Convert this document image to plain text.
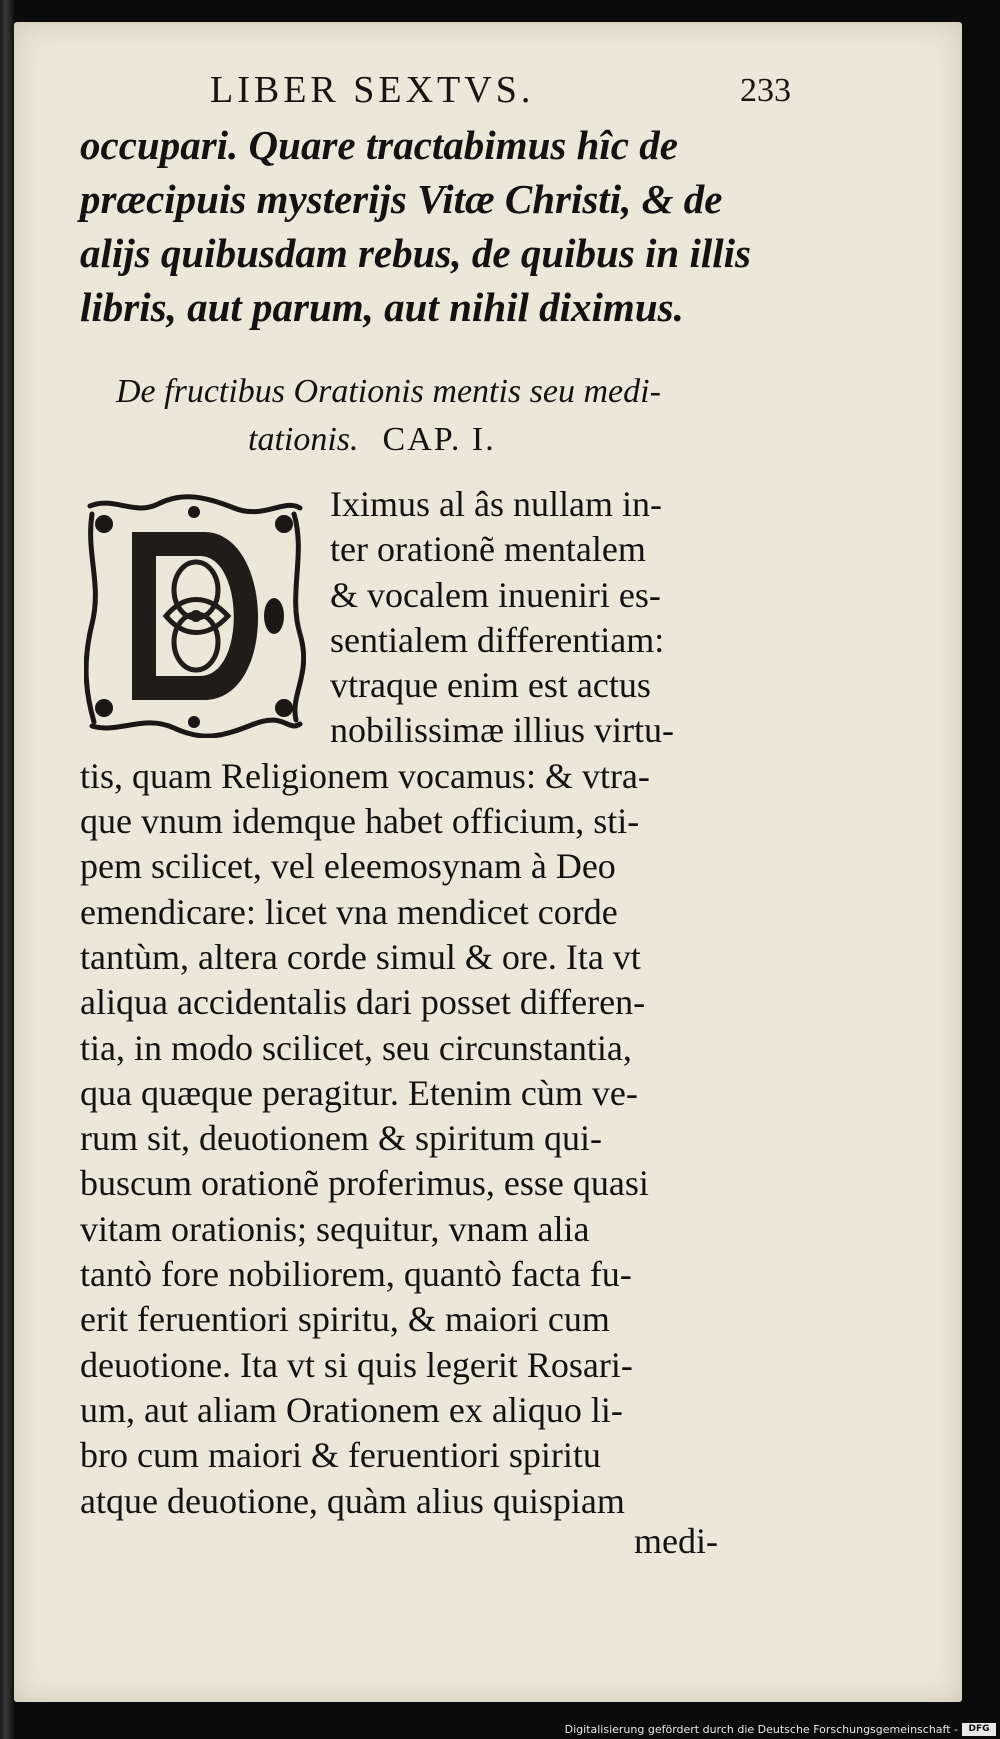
LIBER SEXTVS.	233
occupari. Quare tractabimus hîc de
præcipuis mysterijs Vitæ Christi, & de
alijs quibusdam rebus, de quibus in illis
libris, aut parum, aut nihil diximus.
De fructibus Orationis mentis seu medi-
tationis. CAP. I.
Iximus al âs nullam in-
ter orationẽ mentalem
& vocalem inueniri es-
sentialem differentiam:
vtraque enim est actus
nobilissimæ illius virtu-
tis, quam Religionem vocamus: & vtra-
que vnum idemque habet officium, sti-
pem scilicet, vel eleemosynam à Deo
emendicare: licet vna mendicet corde
tantùm, altera corde simul & ore. Ita vt
aliqua accidentalis dari posset differen-
tia, in modo scilicet, seu circunstantia,
qua quæque peragitur. Etenim cùm ve-
rum sit, deuotionem & spiritum qui-
buscum orationẽ proferimus, esse quasi
vitam orationis; sequitur, vnam alia
tantò fore nobiliorem, quantò facta fu-
erit feruentiori spiritu, & maiori cum
deuotione. Ita vt si quis legerit Rosari-
um, aut aliam Orationem ex aliquo li-
bro cum maiori & feruentiori spiritu
atque deuotione, quàm alius quispiam
medi-
Digitalisierung gefördert durch die Deutsche Forschungsgemeinschaft -	DFG
